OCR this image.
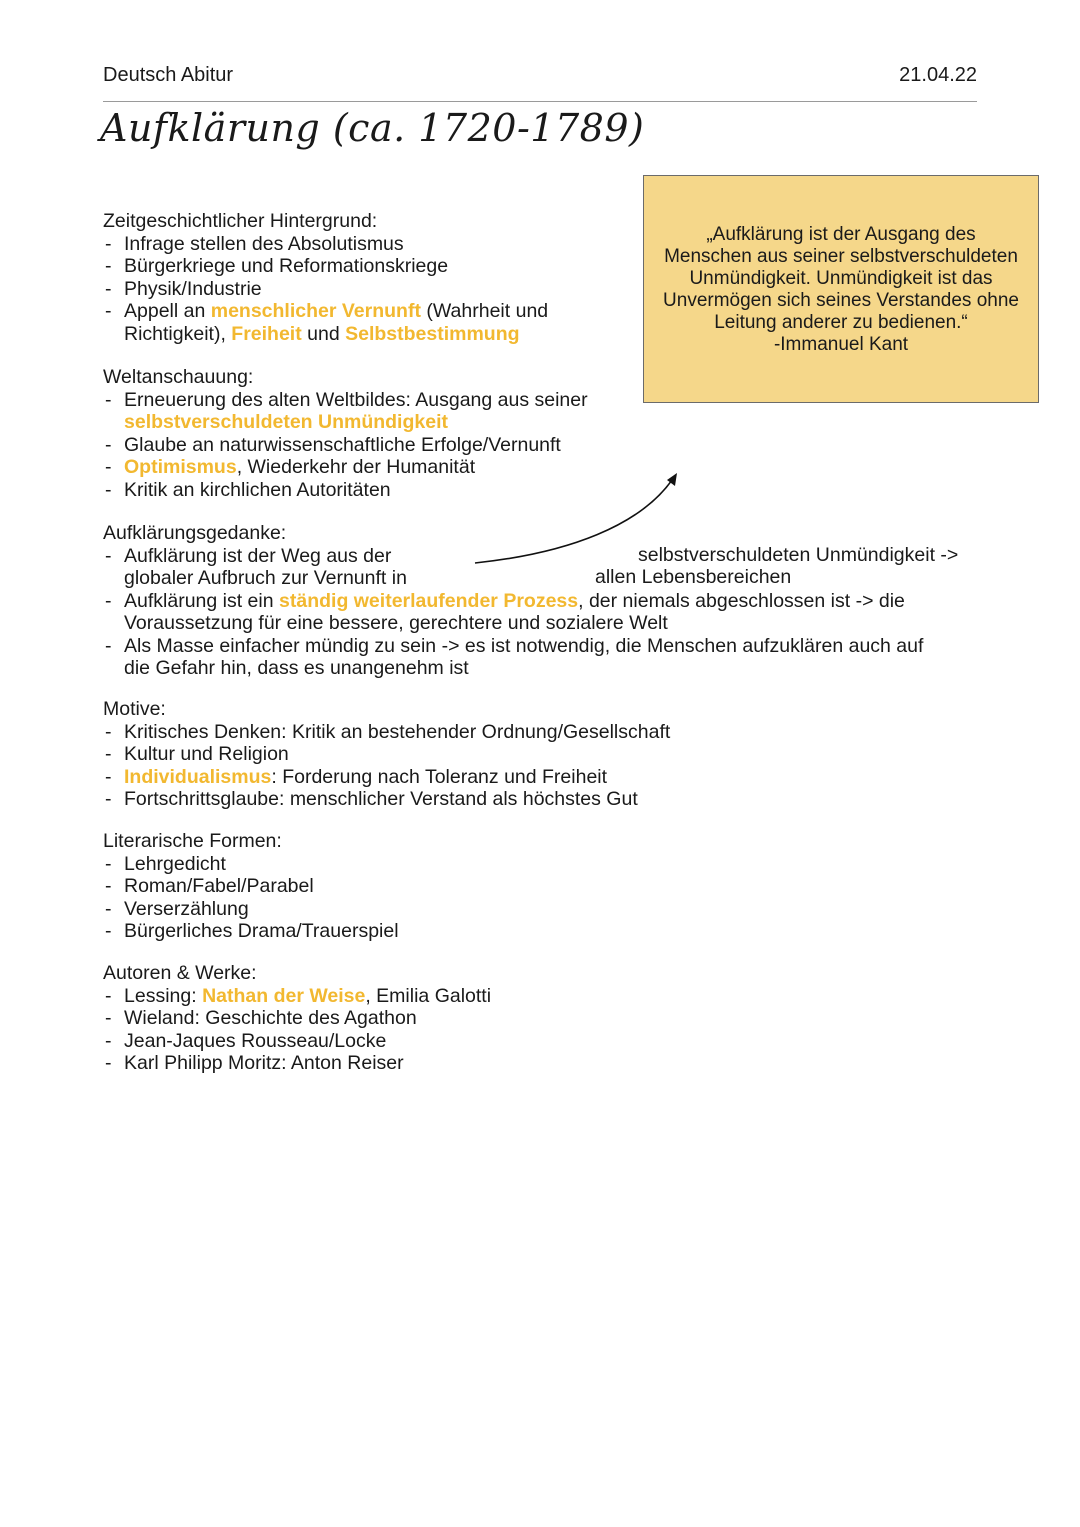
Deutsch Abitur	21.04.22
Aufklärung (ca. 1720-1789)
„Aufklärung ist der Ausgang des
Menschen aus seiner selbstverschuldeten
Unmündigkeit. Unmündigkeit ist das
Unvermögen sich seines Verstandes ohne
Leitung anderer zu bedienen.“
-Immanuel Kant
Zeitgeschichtlicher Hintergrund:
- Infrage stellen des Absolutismus
- Bürgerkriege und Reformationskriege
- Physik/Industrie
- Appell an menschlicher Vernunft (Wahrheit und
Richtigkeit), Freiheit und Selbstbestimmung
Weltanschauung:
- Erneuerung des alten Weltbildes: Ausgang aus seiner
selbstverschuldeten Unmündigkeit
- Glaube an naturwissenschaftliche Erfolge/Vernunft
- Optimismus, Wiederkehr der Humanität
- Kritik an kirchlichen Autoritäten
Aufklärungsgedanke:
- Aufklärung ist der Weg aus der
globaler Aufbruch zur Vernunft in
- Aufklärung ist ein ständig weiterlaufender Prozess, der niemals abgeschlossen ist -> die
Voraussetzung für eine bessere, gerechtere und sozialere Welt
- Als Masse einfacher mündig zu sein -> es ist notwendig, die Menschen aufzuklären auch auf
die Gefahr hin, dass es unangenehm ist
selbstverschuldeten Unmündigkeit ->
allen Lebensbereichen
Motive:
- Kritisches Denken: Kritik an bestehender Ordnung/Gesellschaft
- Kultur und Religion
- Individualismus: Forderung nach Toleranz und Freiheit
- Fortschrittsglaube: menschlicher Verstand als höchstes Gut
Literarische Formen:
- Lehrgedicht
- Roman/Fabel/Parabel
- Verserzählung
- Bürgerliches Drama/Trauerspiel
Autoren & Werke:
- Lessing: Nathan der Weise, Emilia Galotti
- Wieland: Geschichte des Agathon
- Jean-Jaques Rousseau/Locke
- Karl Philipp Moritz: Anton Reiser
